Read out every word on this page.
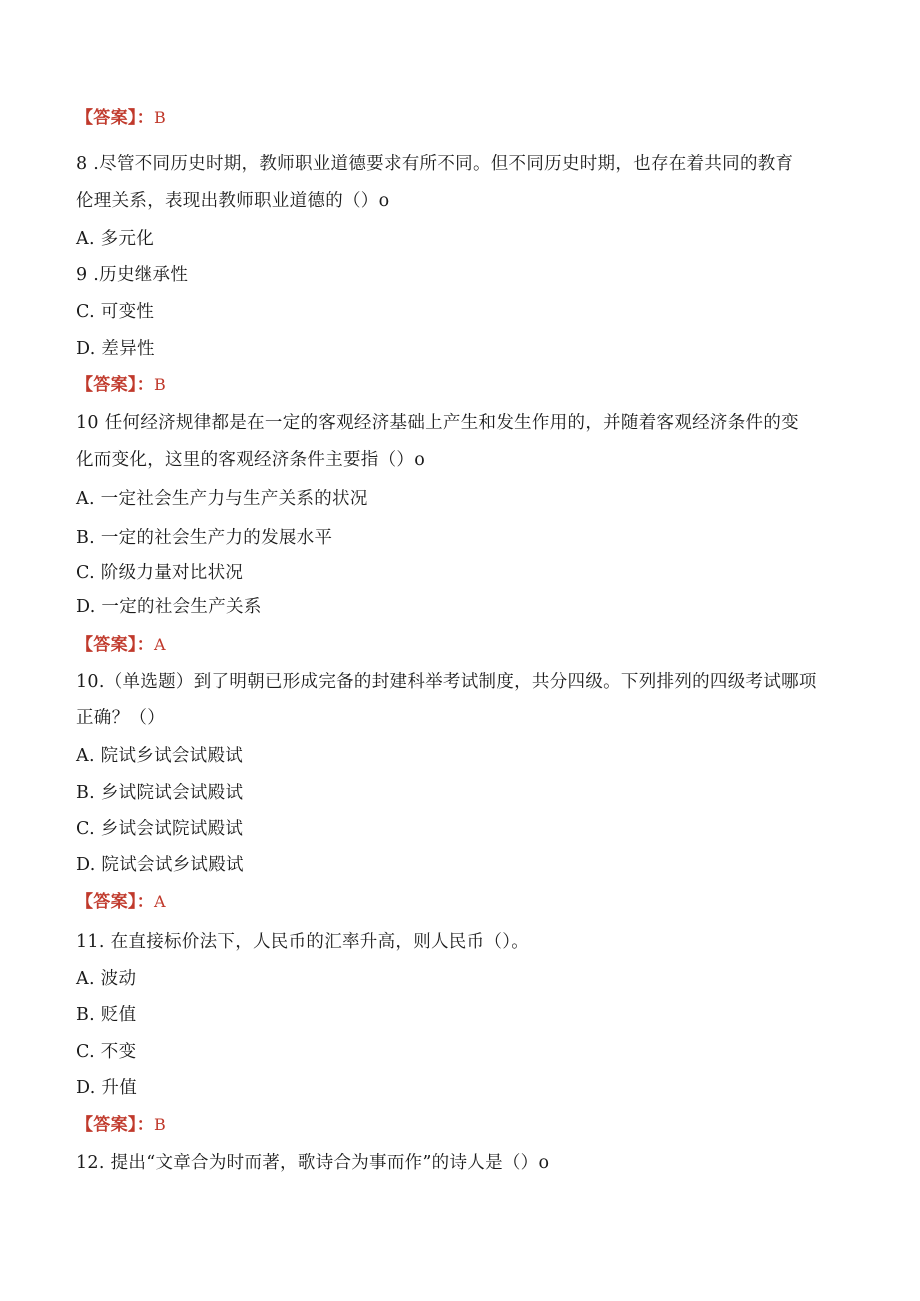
【答案】：B
8 .尽管不同历史时期，教师职业道德要求有所不同。但不同历史时期，也存在着共同的教育
伦理关系，表现出教师职业道德的（）o
A. 多元化
9 .历史继承性
C. 可变性
D. 差异性
【答案】：B
10 任何经济规律都是在一定的客观经济基础上产生和发生作用的，并随着客观经济条件的变
化而变化，这里的客观经济条件主要指（）o
A. 一定社会生产力与生产关系的状况
B. 一定的社会生产力的发展水平
C. 阶级力量对比状况
D. 一定的社会生产关系
【答案】：A
10.（单选题）到了明朝已形成完备的封建科举考试制度，共分四级。下列排列的四级考试哪项
正确？（）
A. 院试乡试会试殿试
B. 乡试院试会试殿试
C. 乡试会试院试殿试
D. 院试会试乡试殿试
【答案】：A
11. 在直接标价法下，人民币的汇率升高，则人民币（）。
A. 波动
B. 贬值
C. 不变
D. 升值
【答案】：B
12. 提出“文章合为时而著，歌诗合为事而作”的诗人是（）o
